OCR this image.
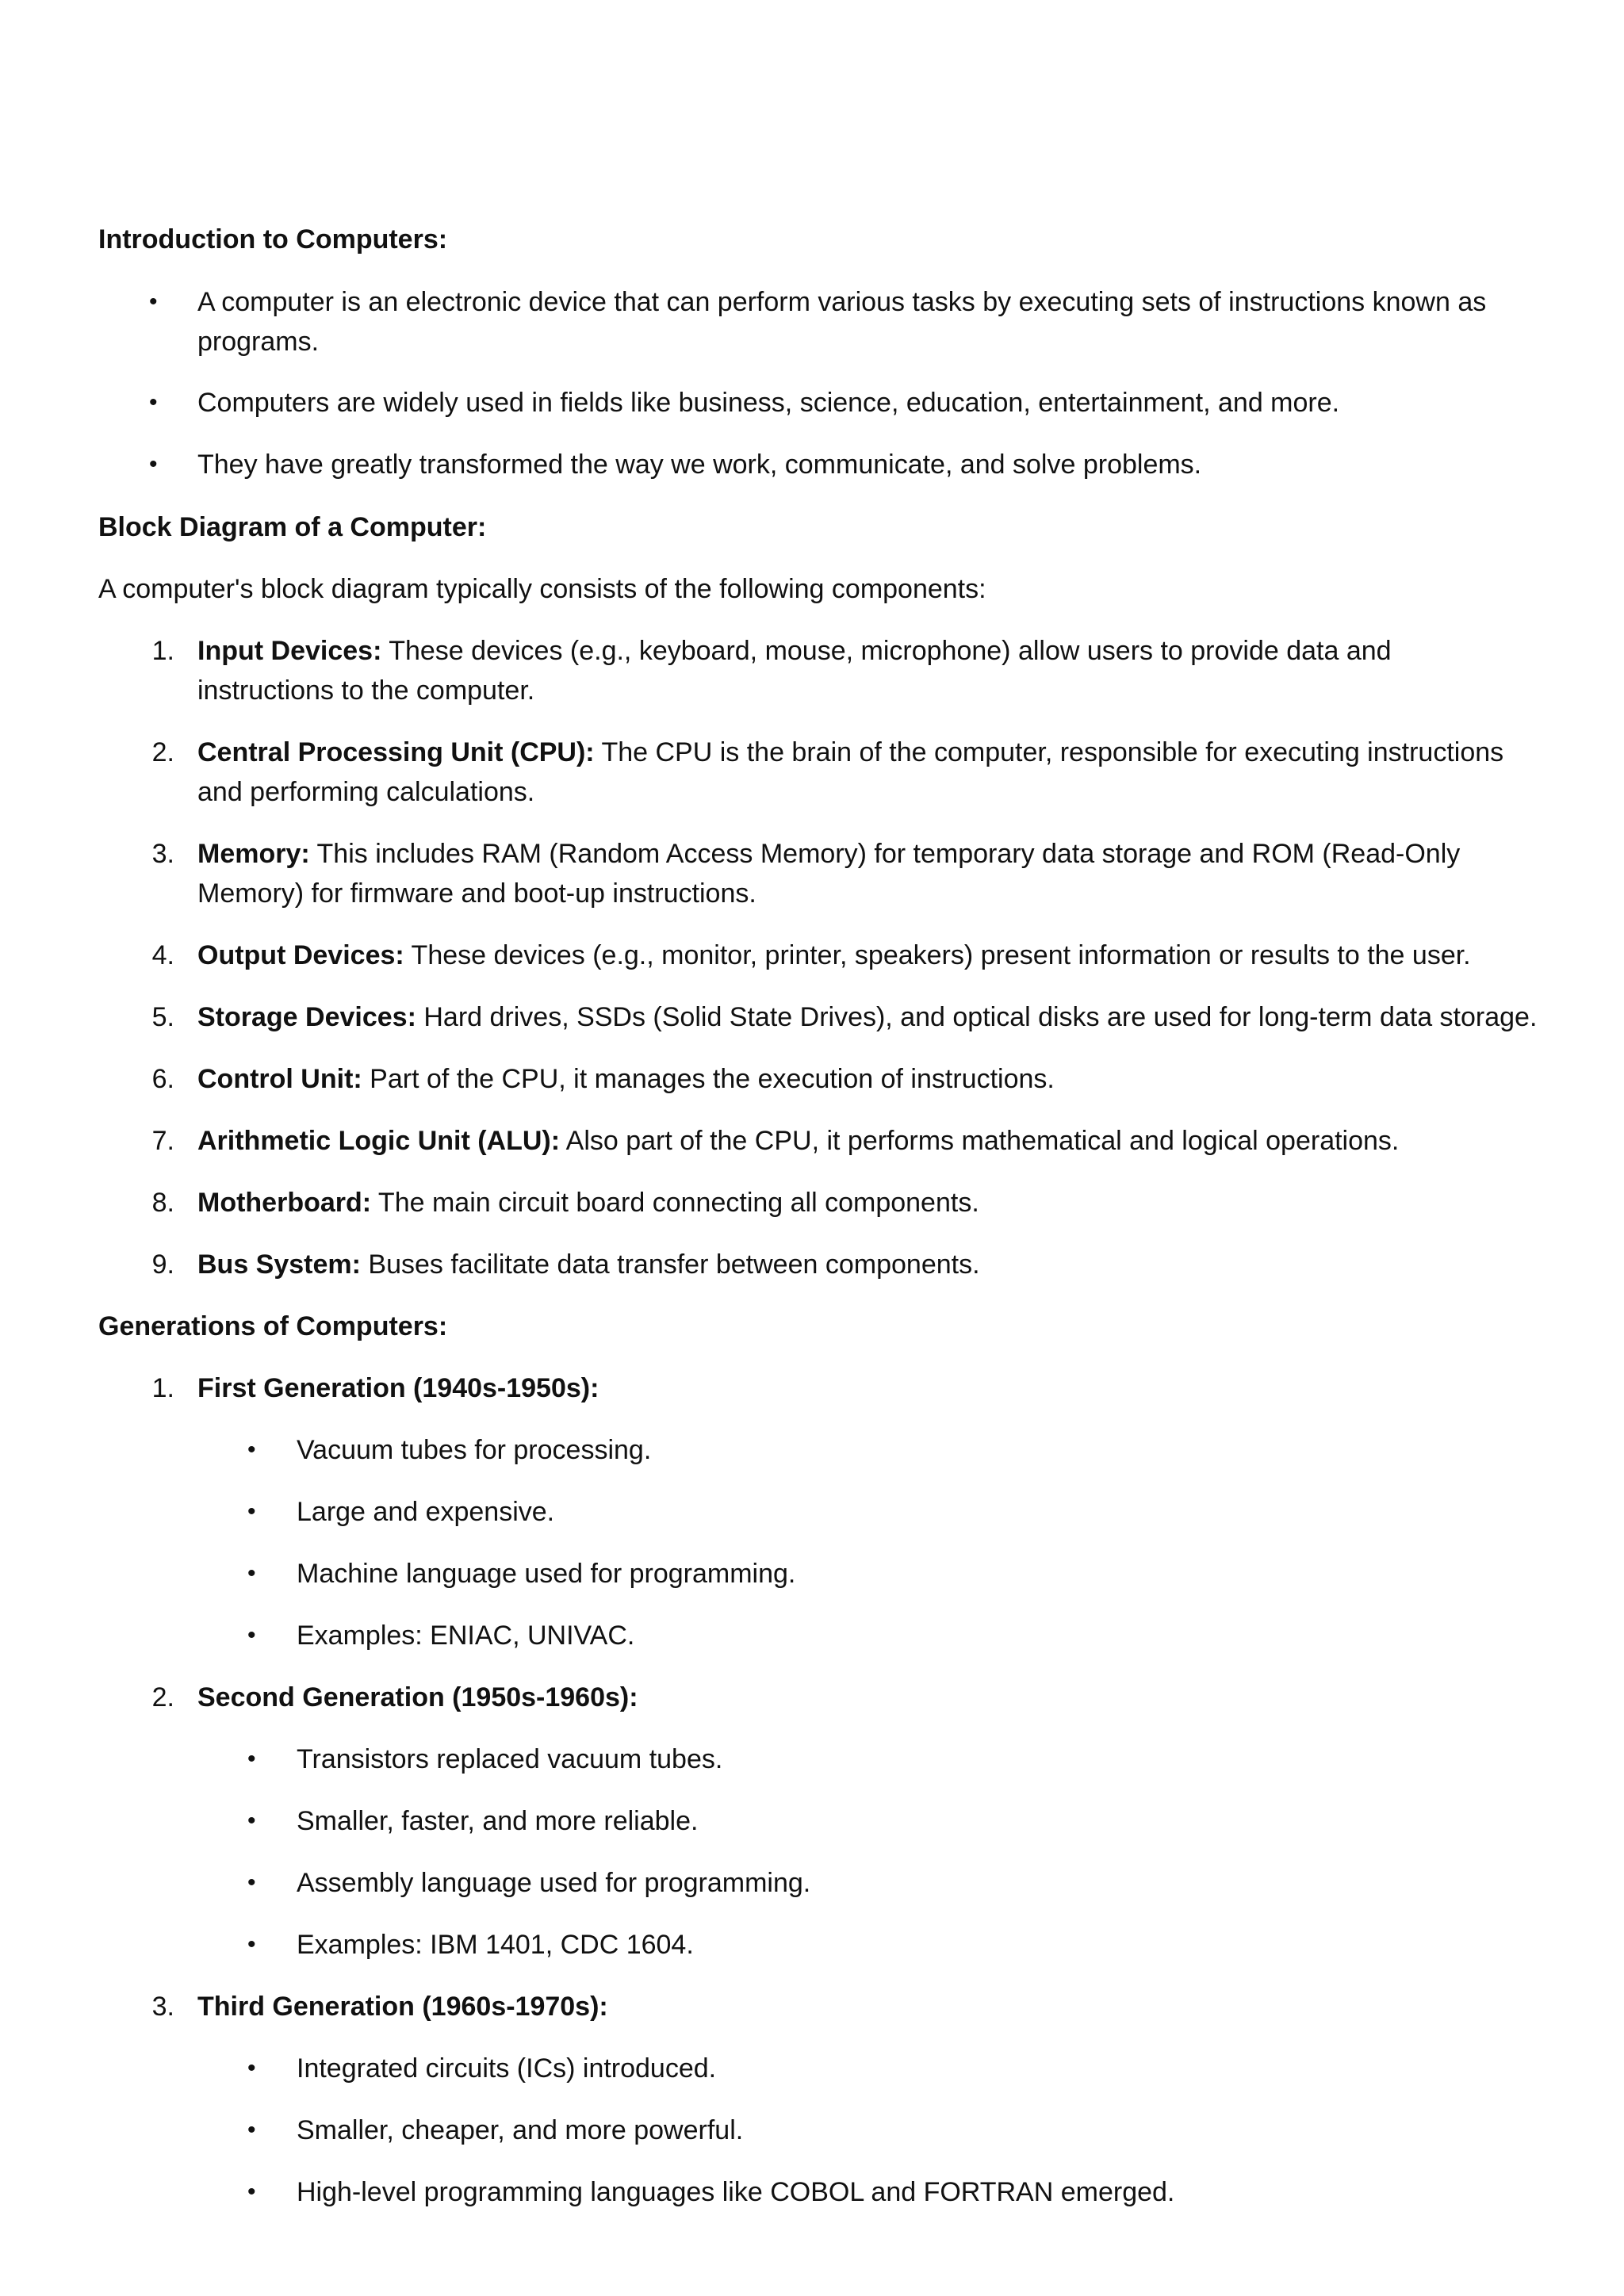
Introduction to Computers:
• A computer is an electronic device that can perform various tasks by executing sets of instructions known as
programs.
• Computers are widely used in fields like business, science, education, entertainment, and more.
• They have greatly transformed the way we work, communicate, and solve problems.
Block Diagram of a Computer:
A computer's block diagram typically consists of the following components:
1. Input Devices: These devices (e.g., keyboard, mouse, microphone) allow users to provide data and
instructions to the computer.
2. Central Processing Unit (CPU): The CPU is the brain of the computer, responsible for executing instructions
and performing calculations.
3. Memory: This includes RAM (Random Access Memory) for temporary data storage and ROM (Read-Only
Memory) for firmware and boot-up instructions.
4. Output Devices: These devices (e.g., monitor, printer, speakers) present information or results to the user.
5. Storage Devices: Hard drives, SSDs (Solid State Drives), and optical disks are used for long-term data storage.
6. Control Unit: Part of the CPU, it manages the execution of instructions.
7. Arithmetic Logic Unit (ALU): Also part of the CPU, it performs mathematical and logical operations.
8. Motherboard: The main circuit board connecting all components.
9. Bus System: Buses facilitate data transfer between components.
Generations of Computers:
1. First Generation (1940s-1950s):
• Vacuum tubes for processing.
• Large and expensive.
• Machine language used for programming.
• Examples: ENIAC, UNIVAC.
2. Second Generation (1950s-1960s):
• Transistors replaced vacuum tubes.
• Smaller, faster, and more reliable.
• Assembly language used for programming.
• Examples: IBM 1401, CDC 1604.
3. Third Generation (1960s-1970s):
• Integrated circuits (ICs) introduced.
• Smaller, cheaper, and more powerful.
• High-level programming languages like COBOL and FORTRAN emerged.
